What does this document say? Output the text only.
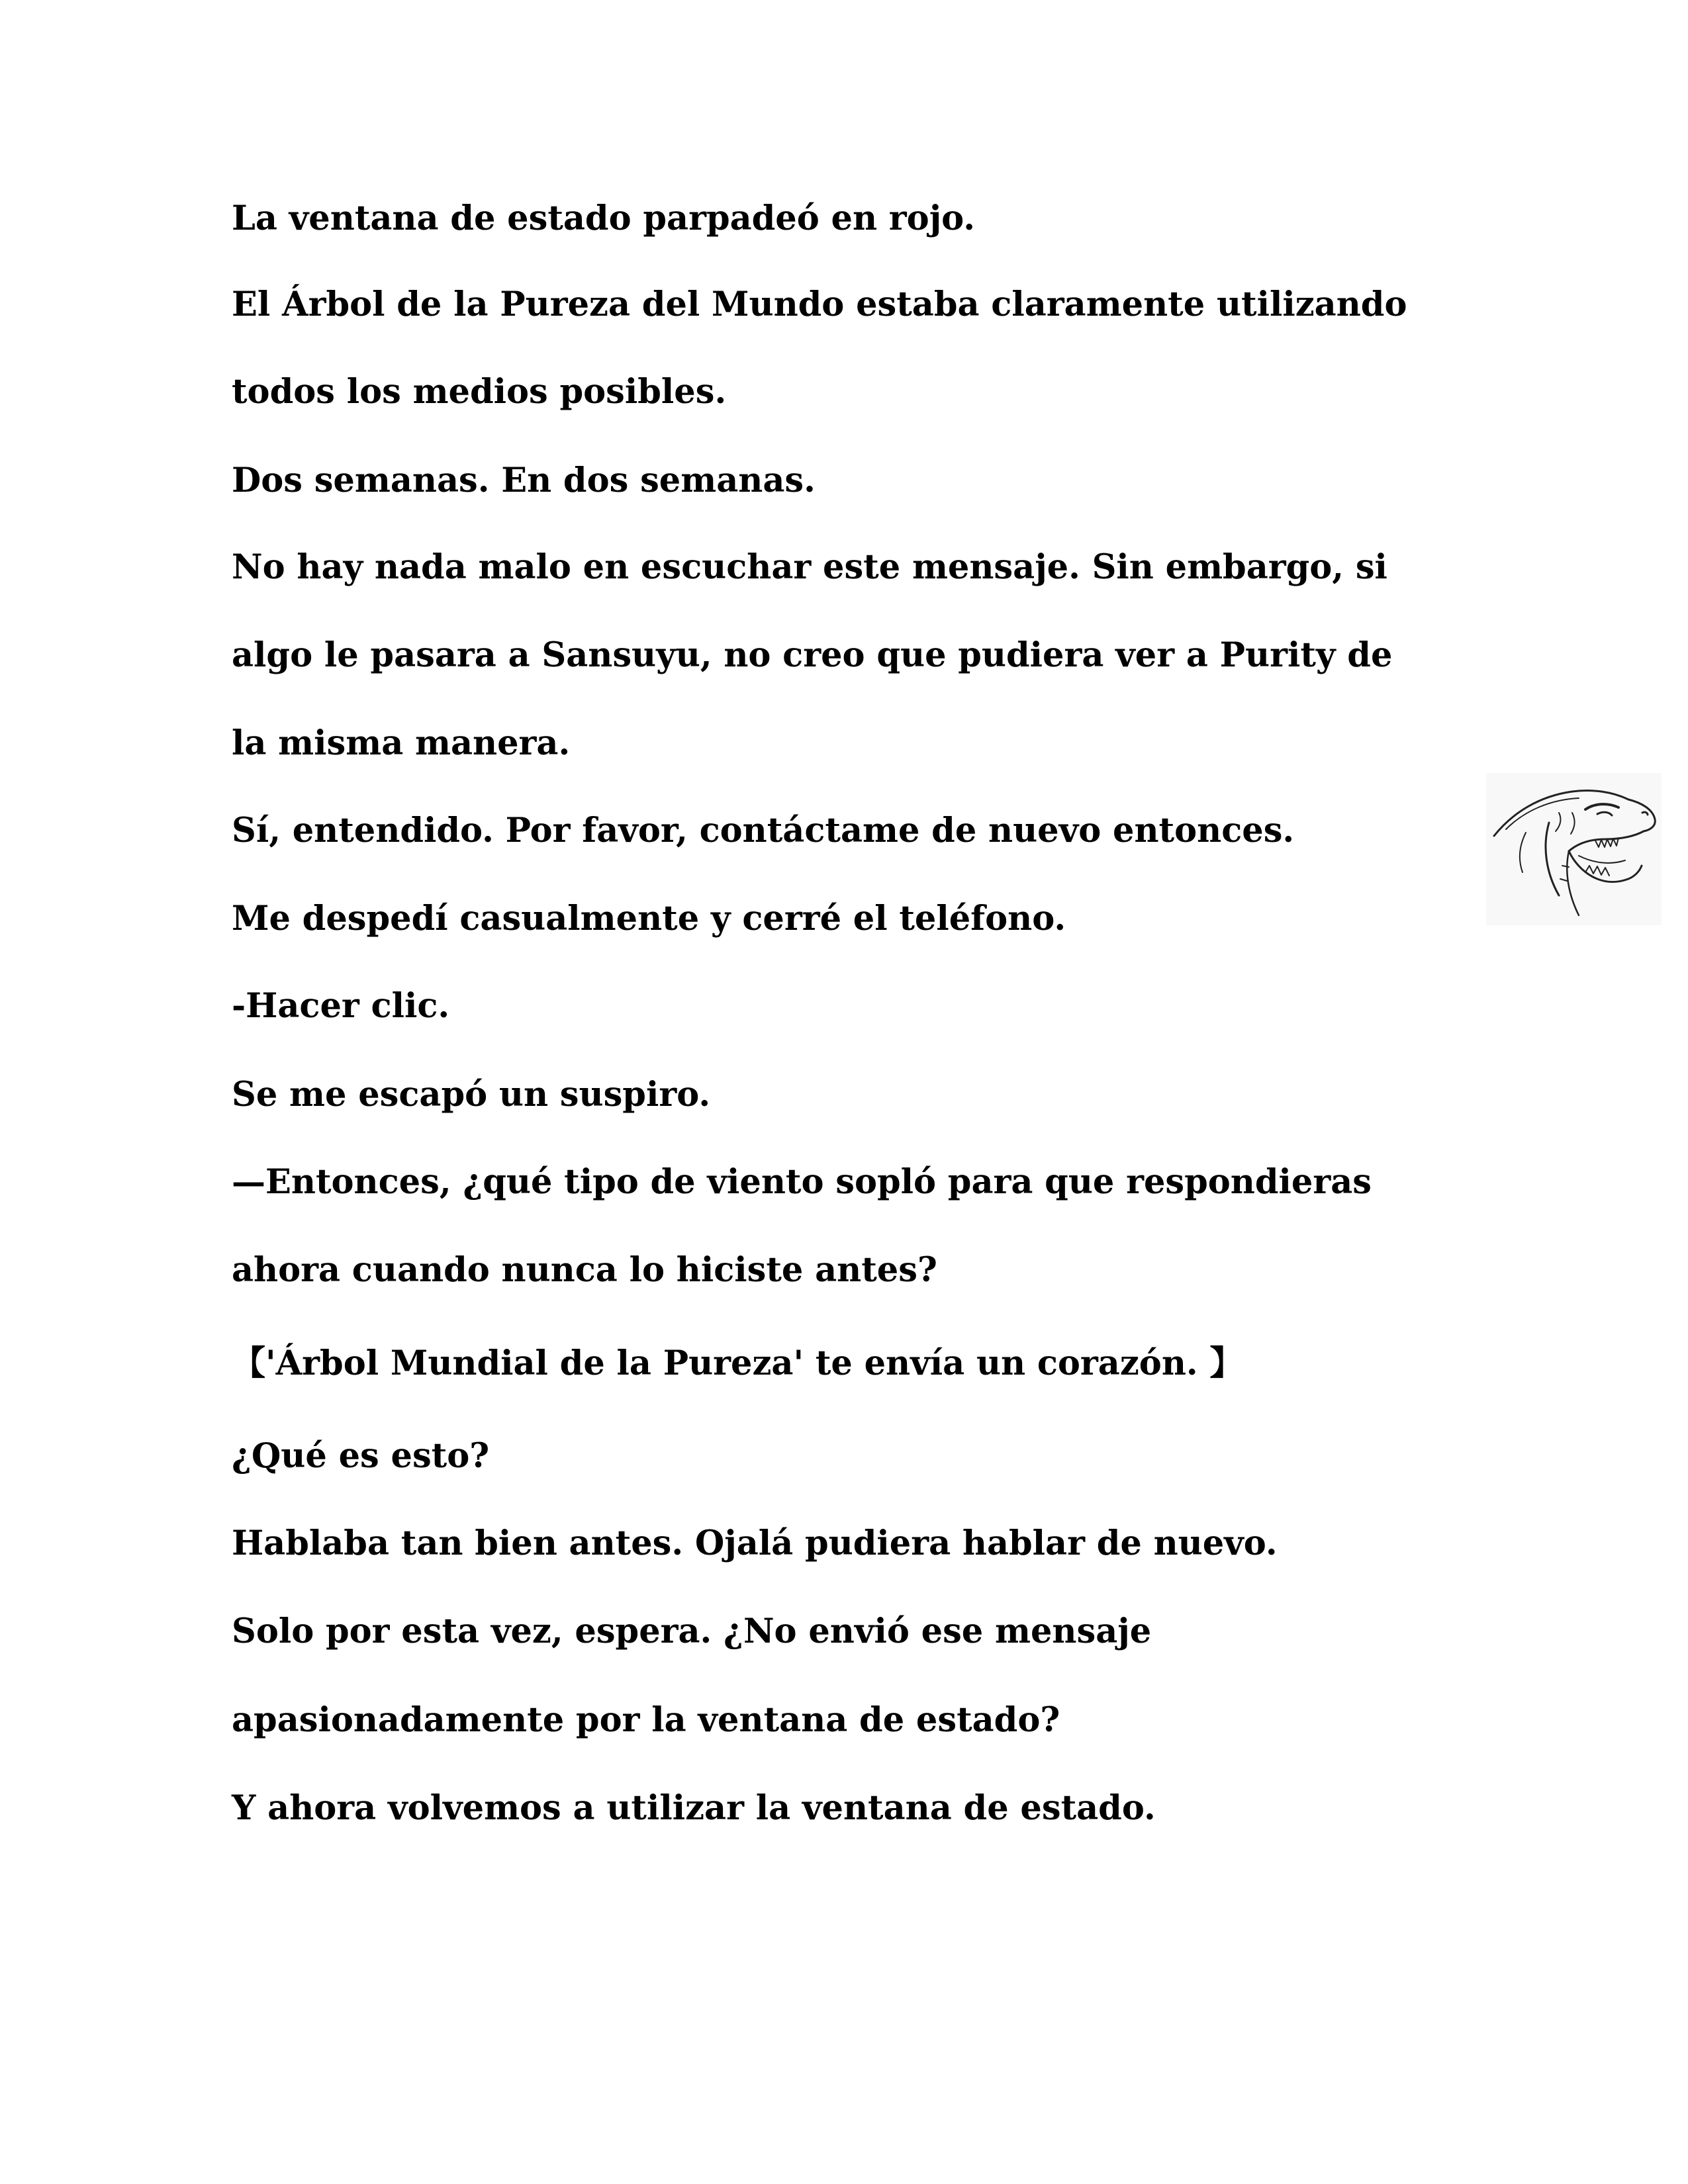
La ventana de estado parpadeó en rojo.
El Árbol de la Pureza del Mundo estaba claramente utilizando
todos los medios posibles.
Dos semanas. En dos semanas.
No hay nada malo en escuchar este mensaje. Sin embargo, si
algo le pasara a Sansuyu, no creo que pudiera ver a Purity de
la misma manera.
Sí, entendido. Por favor, contáctame de nuevo entonces.
Me despedí casualmente y cerré el teléfono.
-Hacer clic.
Se me escapó un suspiro.
—Entonces, ¿qué tipo de viento sopló para que respondieras
ahora cuando nunca lo hiciste antes?
【'Árbol Mundial de la Pureza' te envía un corazón. 】
¿Qué es esto?
Hablaba tan bien antes. Ojalá pudiera hablar de nuevo.
Solo por esta vez, espera. ¿No envió ese mensaje
apasionadamente por la ventana de estado?
Y ahora volvemos a utilizar la ventana de estado.
